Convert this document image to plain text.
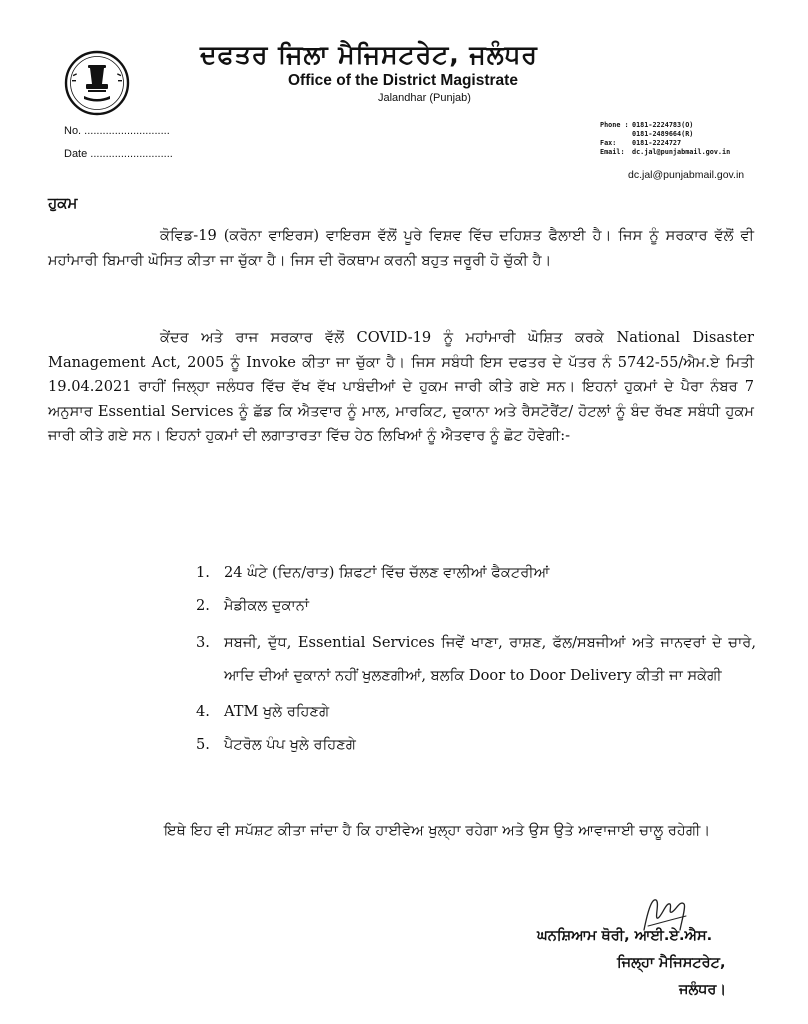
ਦਫਤਰ ਜਿਲਾ ਮੈਜਿਸਟਰੇਟ, ਜਲੰਧਰ
Office of the District Magistrate
Jalandhar (Punjab)
No. ............................
Date ...........................
Phone : 0181-2224783(O)
0181-2489664(R)
Fax: 0181-2224727
Email: dc.jal@punjabmail.gov.in
dc.jal@punjabmail.gov.in
ਹੁਕਮ

ਕੋਵਿਡ-19 (ਕਰੋਨਾ ਵਾਇਰਸ) ਵਾਇਰਸ ਵੱਲੋਂ ਪੂਰੇ ਵਿਸ਼ਵ ਵਿੱਚ ਦਹਿਸ਼ਤ ਫੈਲਾਈ ਹੈ। ਜਿਸ ਨੂੰ ਸਰਕਾਰ ਵੱਲੋਂ ਵੀ ਮਹਾਂਮਾਰੀ ਬਿਮਾਰੀ ਘੋਸਿਤ ਕੀਤਾ ਜਾ ਚੁੱਕਾ ਹੈ। ਜਿਸ ਦੀ ਰੋਕਥਾਮ ਕਰਨੀ ਬਹੁਤ ਜਰੂਰੀ ਹੋ ਚੁੱਕੀ ਹੈ।

ਕੇਂਦਰ ਅਤੇ ਰਾਜ ਸਰਕਾਰ ਵੱਲੋਂ COVID-19 ਨੂੰ ਮਹਾਂਮਾਰੀ ਘੋਸ਼ਿਤ ਕਰਕੇ National Disaster Management Act, 2005 ਨੂੰ Invoke ਕੀਤਾ ਜਾ ਚੁੱਕਾ ਹੈ। ਜਿਸ ਸਬੰਧੀ ਇਸ ਦਫਤਰ ਦੇ ਪੱਤਰ ਨੰ 5742-55/ਐਮ.ਏ ਮਿਤੀ 19.04.2021 ਰਾਹੀਂ ਜਿਲ੍ਹਾ ਜਲੰਧਰ ਵਿੱਚ ਵੱਖ ਵੱਖ ਪਾਬੰਦੀਆਂ ਦੇ ਹੁਕਮ ਜਾਰੀ ਕੀਤੇ ਗਏ ਸਨ। ਇਹਨਾਂ ਹੁਕਮਾਂ ਦੇ ਪੈਰਾ ਨੰਬਰ 7 ਅਨੁਸਾਰ Essential Services ਨੂੰ ਛੱਡ ਕਿ ਐਤਵਾਰ ਨੂੰ ਮਾਲ, ਮਾਰਕਿਟ, ਦੁਕਾਨਾ ਅਤੇ ਰੈਸਟੋਰੈਂਟ/ ਹੋਟਲਾਂ ਨੂੰ ਬੰਦ ਰੱਖਣ ਸਬੰਧੀ ਹੁਕਮ ਜਾਰੀ ਕੀਤੇ ਗਏ ਸਨ। ਇਹਨਾਂ ਹੁਕਮਾਂ ਦੀ ਲਗਾਤਾਰਤਾ ਵਿੱਚ ਹੇਠ ਲਿਖਿਆਂ ਨੂੰ ਐਤਵਾਰ ਨੂੰ ਛੋਟ ਹੋਵੇਗੀ:-

1. 24 ਘੰਟੇ (ਦਿਨ/ਰਾਤ) ਸ਼ਿਫਟਾਂ ਵਿੱਚ ਚੱਲਣ ਵਾਲੀਆਂ ਫੈਕਟਰੀਆਂ
2. ਮੈਡੀਕਲ ਦੁਕਾਨਾਂ
3. ਸਬਜੀ, ਦੁੱਧ, Essential Services ਜਿਵੇਂ ਖਾਣਾ, ਰਾਸ਼ਣ, ਫੱਲ/ਸਬਜੀਆਂ ਅਤੇ ਜਾਨਵਰਾਂ ਦੇ ਚਾਰੇ, ਆਦਿ ਦੀਆਂ ਦੁਕਾਨਾਂ ਨਹੀਂ ਖੁਲਣਗੀਆਂ, ਬਲਕਿ Door to Door Delivery ਕੀਤੀ ਜਾ ਸਕੇਗੀ
4. ATM ਖੁਲੇ ਰਹਿਣਗੇ
5. ਪੈਟਰੋਲ ਪੰਪ ਖੁਲੇ ਰਹਿਣਗੇ

ਇਥੇ ਇਹ ਵੀ ਸਪੱਸ਼ਟ ਕੀਤਾ ਜਾਂਦਾ ਹੈ ਕਿ ਹਾਈਵੇਅ ਖੁਲ੍ਹਾ ਰਹੇਗਾ ਅਤੇ ਉਸ ਉਤੇ ਆਵਾਜਾਈ ਚਾਲੂ ਰਹੇਗੀ।

ਘਨਸ਼ਿਆਮ ਥੋਰੀ, ਆਈ.ਏ.ਐਸ.
ਜਿਲ੍ਹਾ ਮੈਜਿਸਟਰੇਟ,
ਜਲੰਧਰ।
